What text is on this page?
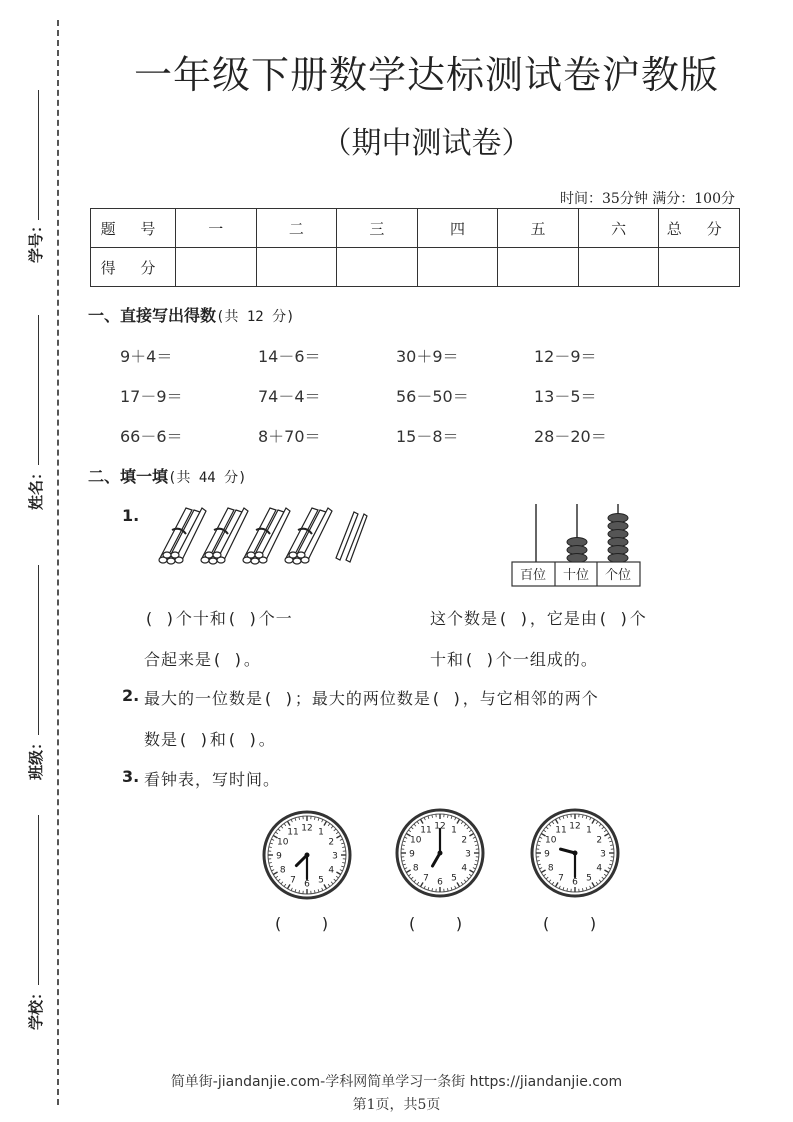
学号：
姓名：
班级：
学校：
一年级下册数学达标测试卷沪教版
（期中测试卷）
时间：35分钟 满分：100分
题 号	一	二	三	四	五	六	总 分
得 分							
一、直接写出得数(共 12 分)
9＋4＝	14－6＝	30＋9＝	12－9＝
17－9＝	74－4＝	56－50＝	13－5＝
66－6＝	8＋70＝	15－8＝	28－20＝
二、填一填(共 44 分)
1.
百位 十位 个位
( )个十和( )个一
合起来是( )。
这个数是( )，它是由( )个
十和( )个一组成的。
2. 最大的一位数是( )；最大的两位数是( )，与它相邻的两个
数是( )和( )。
3. 看钟表，写时间。
1
2
3
4
5
6
7
8
9
10
11 12	1
2
3
4
5
6
7
8
9
10
11 12	1
2
3
4
5
6
7
8
9
10
11 12
(        )	(        )	(        )
简单街-jiandanjie.com-学科网简单学习一条街 https://jiandanjie.com
第1页，共5页
